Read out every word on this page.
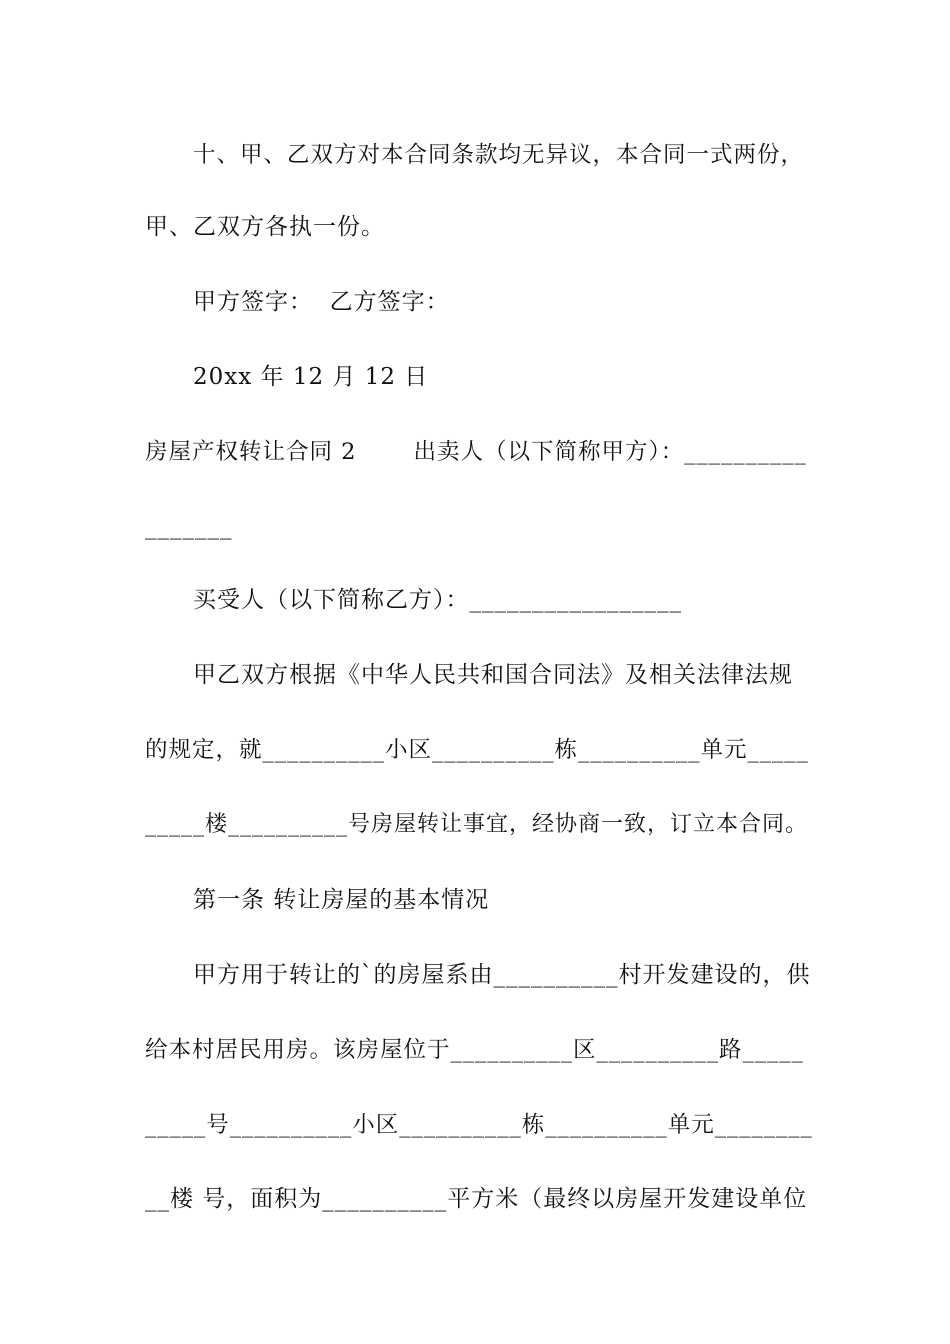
十、甲、乙双方对本合同条款均无异议，本合同一式两份，
甲、乙双方各执一份。
甲方签字：  乙方签字：
20xx 年 12 月 12 日
房屋产权转让合同 2       出卖人（以下简称甲方）：__________
_______
买受人（以下简称乙方）：_________________
甲乙双方根据《中华人民共和国合同法》及相关法律法规
的规定，就__________小区__________栋__________单元_____
_____楼__________号房屋转让事宜，经协商一致，订立本合同。
第一条 转让房屋的基本情况
甲方用于转让的`的房屋系由__________村开发建设的，供
给本村居民用房。该房屋位于__________区__________路_____
_____号__________小区__________栋__________单元________
__楼 号，面积为__________平方米（最终以房屋开发建设单位
